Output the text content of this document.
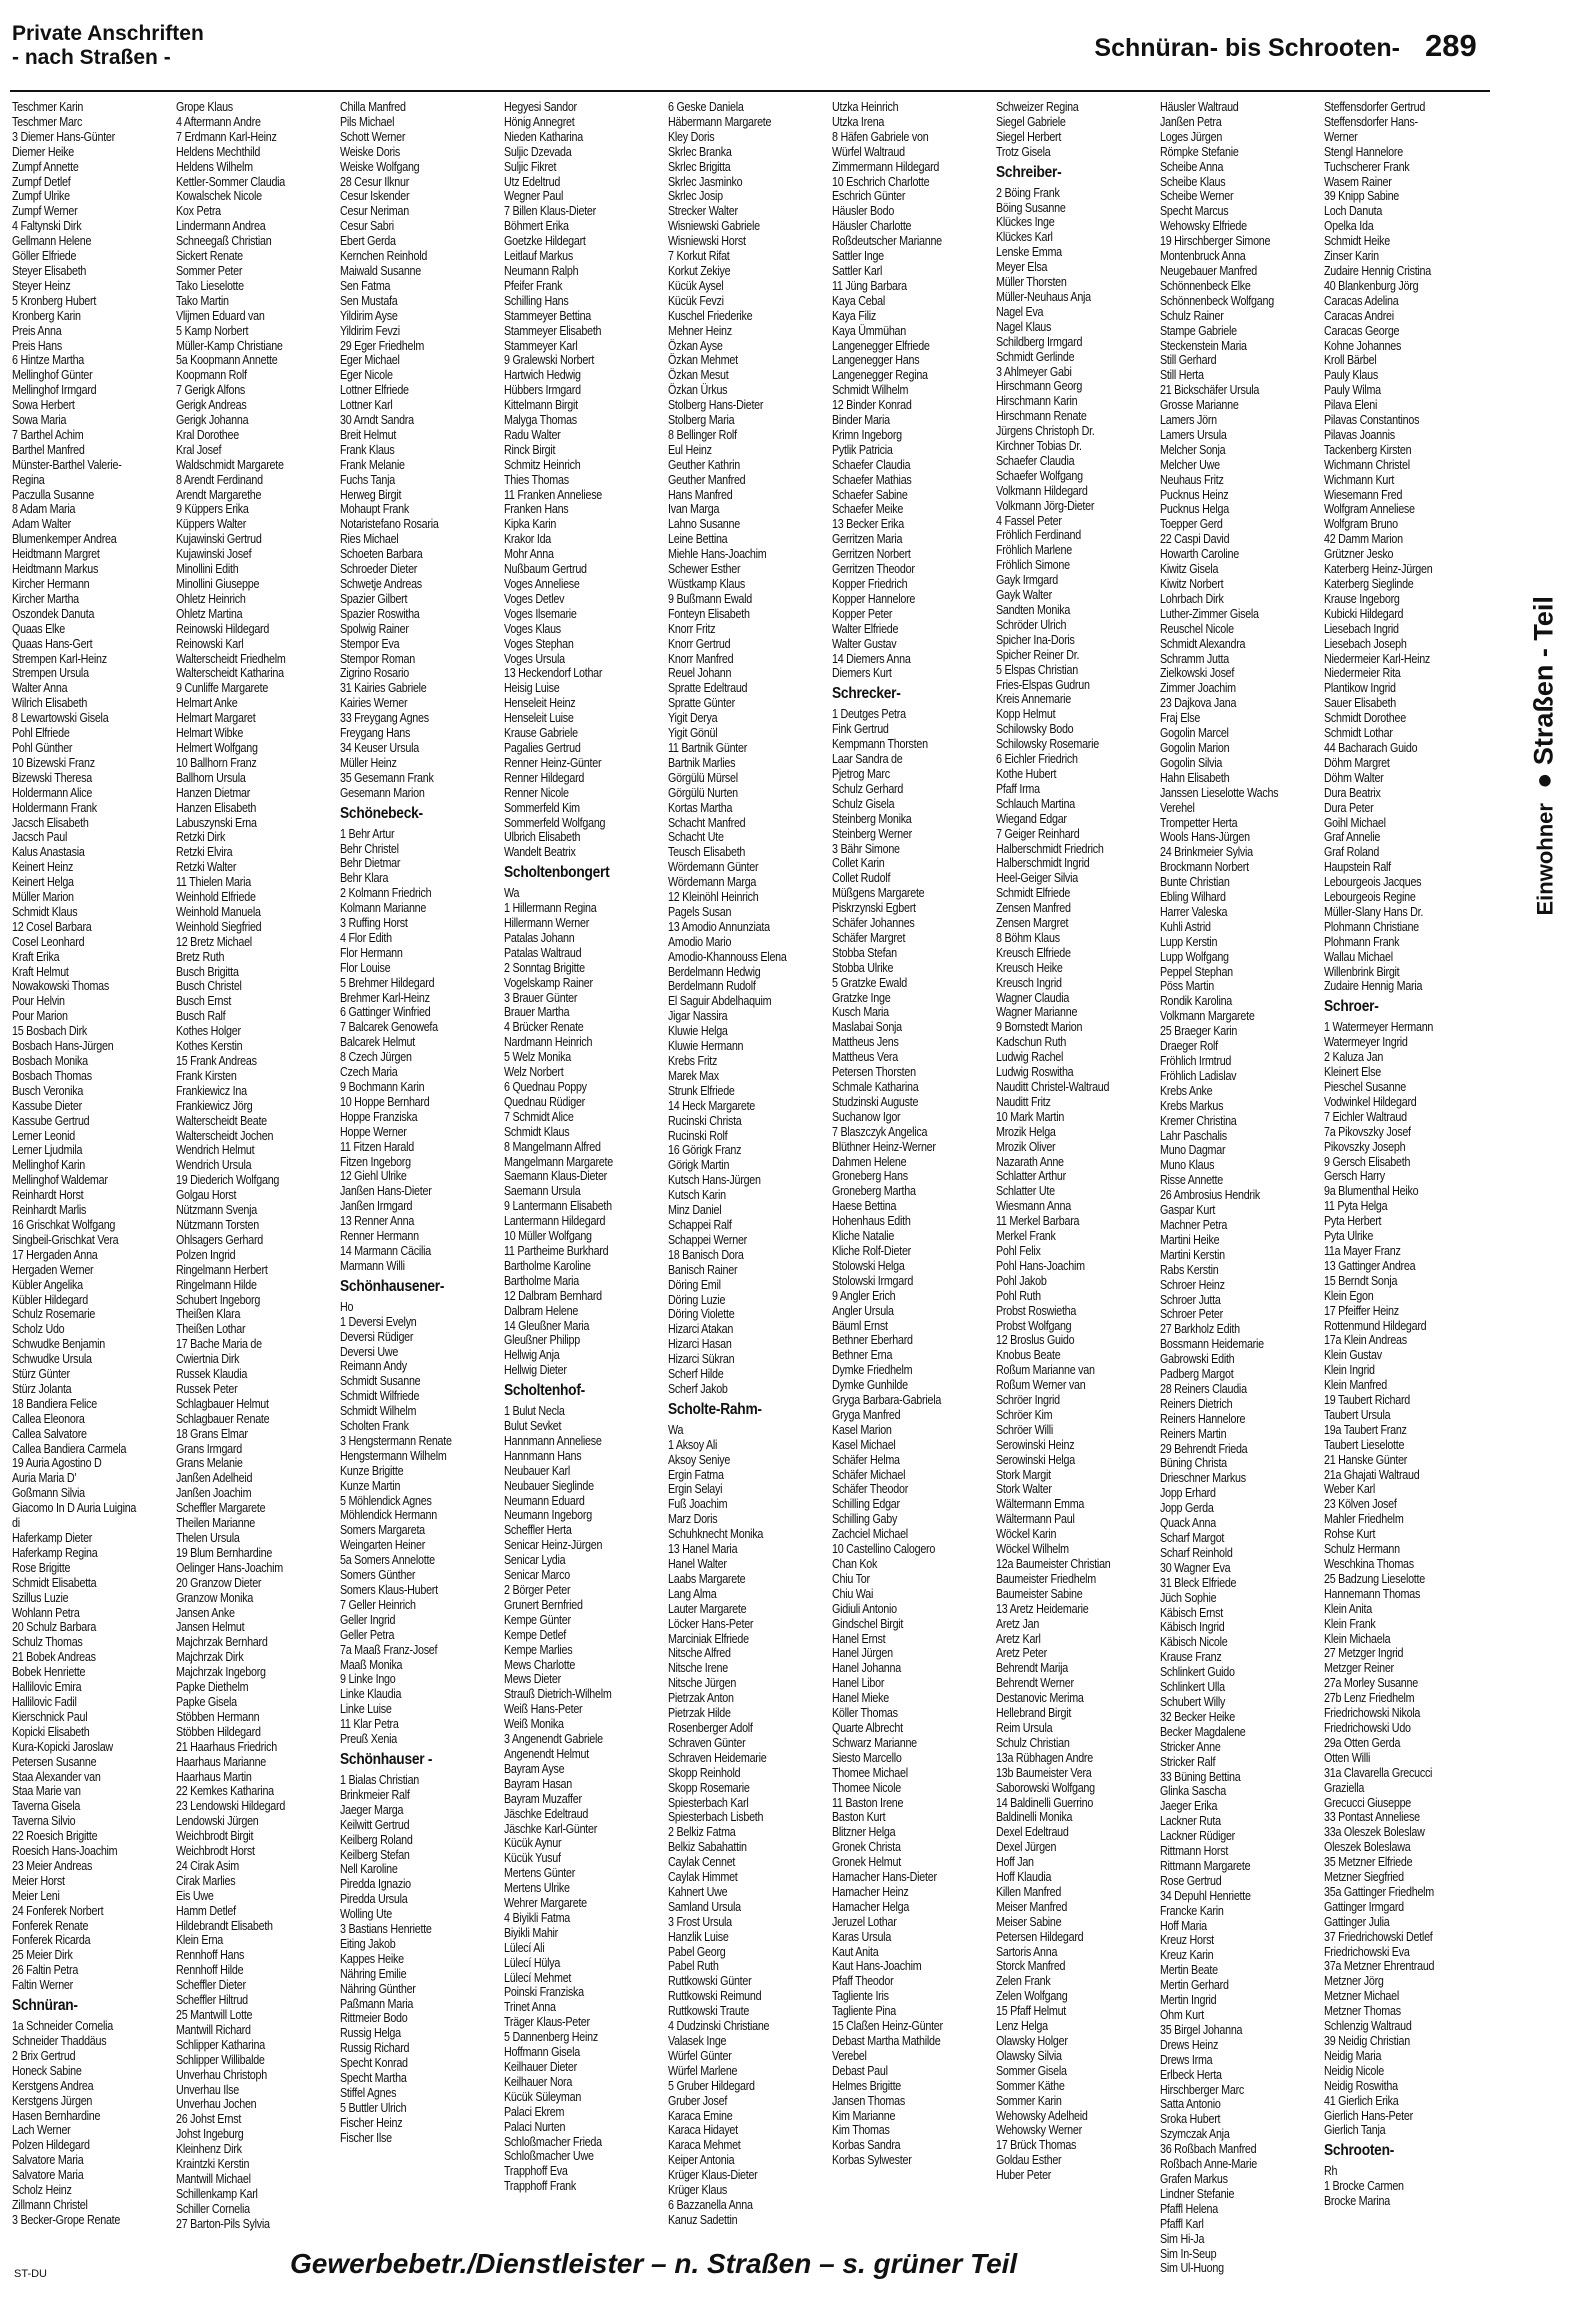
Private Anschriften
- nach Straßen -	Schnüran- bis Schrooten- 289
Einwohner ● Straßen - Teil
Teschmer Karin
Teschmer Marc
3 Diemer Hans-Günter
Diemer Heike
Zumpf Annette
Zumpf Detlef
Zumpf Ulrike
Zumpf Werner
4 Faltynski Dirk
Gellmann Helene
Göller Elfriede
Steyer Elisabeth
Steyer Heinz
5 Kronberg Hubert
Kronberg Karin
Preis Anna
Preis Hans
6 Hintze Martha
Mellinghof Günter
Mellinghof Irmgard
Sowa Herbert
Sowa Maria
7 Barthel Achim
Barthel Manfred
Münster-Barthel Valerie-
Regina
Paczulla Susanne
8 Adam Maria
Adam Walter
Blumenkemper Andrea
Heidtmann Margret
Heidtmann Markus
Kircher Hermann
Kircher Martha
Oszondek Danuta
Quaas Elke
Quaas Hans-Gert
Strempen Karl-Heinz
Strempen Ursula
Walter Anna
Wilrich Elisabeth
8 Lewartowski Gisela
Pohl Elfriede
Pohl Günther
10 Bizewski Franz
Bizewski Theresa
Holdermann Alice
Holdermann Frank
Jacsch Elisabeth
Jacsch Paul
Kalus Anastasia
Keinert Heinz
Keinert Helga
Müller Marion
Schmidt Klaus
12 Cosel Barbara
Cosel Leonhard
Kraft Erika
Kraft Helmut
Nowakowski Thomas
Pour Helvin
Pour Marion
15 Bosbach Dirk
Bosbach Hans-Jürgen
Bosbach Monika
Bosbach Thomas
Busch Veronika
Kassube Dieter
Kassube Gertrud
Lerner Leonid
Lerner Ljudmila
Mellinghof Karin
Mellinghof Waldemar
Reinhardt Horst
Reinhardt Marlis
16 Grischkat Wolfgang
Singbeil-Grischkat Vera
17 Hergaden Anna
Hergaden Werner
Kübler Angelika
Kübler Hildegard
Schulz Rosemarie
Scholz Udo
Schwudke Benjamin
Schwudke Ursula
Stürz Günter
Stürz Jolanta
18 Bandiera Felice
Callea Eleonora
Callea Salvatore
Callea Bandiera Carmela
19 Auria Agostino D
Auria Maria D'
Goßmann Silvia
Giacomo In D Auria Luigina
di
Haferkamp Dieter
Haferkamp Regina
Rose Brigitte
Schmidt Elisabetta
Szillus Luzie
Wohlann Petra
20 Schulz Barbara
Schulz Thomas
21 Bobek Andreas
Bobek Henriette
Hallilovic Emira
Hallilovic Fadil
Kierschnick Paul
Kopicki Elisabeth
Kura-Kopicki Jaroslaw
Petersen Susanne
Staa Alexander van
Staa Marie van
Taverna Gisela
Taverna Silvio
22 Roesich Brigitte
Roesich Hans-Joachim
23 Meier Andreas
Meier Horst
Meier Leni
24 Fonferek Norbert
Fonferek Renate
Fonferek Ricarda
25 Meier Dirk
26 Faltin Petra
Faltin Werner
Schnüran-
1a Schneider Cornelia
Schneider Thaddäus
2 Brix Gertrud
Honeck Sabine
Kerstgens Andrea
Kerstgens Jürgen
Hasen Bernhardine
Lach Werner
Polzen Hildegard
Salvatore Maria
Salvatore Maria
Scholz Heinz
Zillmann Christel
3 Becker-Grope Renate
Grope Klaus
4 Aftermann Andre
7 Erdmann Karl-Heinz
Heldens Mechthild
Heldens Wilhelm
Kettler-Sommer Claudia
Kowalschek Nicole
Kox Petra
Lindermann Andrea
Schneegaß Christian
Sickert Renate
Sommer Peter
Tako Lieselotte
Tako Martin
Vlijmen Eduard van
5 Kamp Norbert
Müller-Kamp Christiane
5a Koopmann Annette
Koopmann Rolf
7 Gerigk Alfons
Gerigk Andreas
Gerigk Johanna
Kral Dorothee
Kral Josef
Waldschmidt Margarete
8 Arendt Ferdinand
Arendt Margarethe
9 Küppers Erika
Küppers Walter
Kujawinski Gertrud
Kujawinski Josef
Minollini Edith
Minollini Giuseppe
Ohletz Heinrich
Ohletz Martina
Reinowski Hildegard
Reinowski Karl
Walterscheidt Friedhelm
Walterscheidt Katharina
9 Cunliffe Margarete
Helmart Anke
Helmart Margaret
Helmart Wibke
Helmert Wolfgang
10 Ballhorn Franz
Ballhorn Ursula
Hanzen Dietmar
Hanzen Elisabeth
Labuszynski Erna
Retzki Dirk
Retzki Elvira
Retzki Walter
11 Thielen Maria
Weinhold Elfriede
Weinhold Manuela
Weinhold Siegfried
12 Bretz Michael
Bretz Ruth
Busch Brigitta
Busch Christel
Busch Ernst
Busch Ralf
Kothes Holger
Kothes Kerstin
15 Frank Andreas
Frank Kirsten
Frankiewicz Ina
Frankiewicz Jörg
Walterscheidt Beate
Walterscheidt Jochen
Wendrich Helmut
Wendrich Ursula
19 Diederich Wolfgang
Golgau Horst
Nützmann Svenja
Nützmann Torsten
Ohlsagers Gerhard
Polzen Ingrid
Ringelmann Herbert
Ringelmann Hilde
Schubert Ingeborg
Theißen Klara
Theißen Lothar
17 Bache Maria de
Cwiertnia Dirk
Russek Klaudia
Russek Peter
Schlagbauer Helmut
Schlagbauer Renate
18 Grans Elmar
Grans Irmgard
Grans Melanie
Janßen Adelheid
Janßen Joachim
Scheffler Margarete
Theilen Marianne
Thelen Ursula
19 Blum Bernhardine
Oelinger Hans-Joachim
20 Granzow Dieter
Granzow Monika
Jansen Anke
Jansen Helmut
Majchrzak Bernhard
Majchrzak Dirk
Majchrzak Ingeborg
Papke Diethelm
Papke Gisela
Stöbben Hermann
Stöbben Hildegard
21 Haarhaus Friedrich
Haarhaus Marianne
Haarhaus Martin
22 Kemkes Katharina
23 Lendowski Hildegard
Lendowski Jürgen
Weichbrodt Birgit
Weichbrodt Horst
24 Cirak Asim
Cirak Marlies
Eis Uwe
Hamm Detlef
Hildebrandt Elisabeth
Klein Erna
Rennhoff Hans
Rennhoff Hilde
Scheffler Dieter
Scheffler Hiltrud
25 Mantwill Lotte
Mantwill Richard
Schlipper Katharina
Schlipper Willibalde
Unverhau Christoph
Unverhau Ilse
Unverhau Jochen
26 Johst Ernst
Johst Ingeburg
Kleinhenz Dirk
Kraintzki Kerstin
Mantwill Michael
Schillenkamp Karl
Schiller Cornelia
27 Barton-Pils Sylvia
Chilla Manfred
Pils Michael
Schott Werner
Weiske Doris
Weiske Wolfgang
28 Cesur Ilknur
Cesur Iskender
Cesur Neriman
Cesur Sabri
Ebert Gerda
Kernchen Reinhold
Maiwald Susanne
Sen Fatma
Sen Mustafa
Yildirim Ayse
Yildirim Fevzi
29 Eger Friedhelm
Eger Michael
Eger Nicole
Lottner Elfriede
Lottner Karl
30 Arndt Sandra
Breit Helmut
Frank Klaus
Frank Melanie
Fuchs Tanja
Herweg Birgit
Mohaupt Frank
Notaristefano Rosaria
Ries Michael
Schoeten Barbara
Schroeder Dieter
Schwetje Andreas
Spazier Gilbert
Spazier Roswitha
Spolwig Rainer
Stempor Eva
Stempor Roman
Zigrino Rosario
31 Kairies Gabriele
Kairies Werner
33 Freygang Agnes
Freygang Hans
34 Keuser Ursula
Müller Heinz
35 Gesemann Frank
Gesemann Marion
Schönebeck-
1 Behr Artur
Behr Christel
Behr Dietmar
Behr Klara
2 Kolmann Friedrich
Kolmann Marianne
3 Ruffing Horst
4 Flor Edith
Flor Hermann
Flor Louise
5 Brehmer Hildegard
Brehmer Karl-Heinz
6 Gattinger Winfried
7 Balcarek Genowefa
Balcarek Helmut
8 Czech Jürgen
Czech Maria
9 Bochmann Karin
10 Hoppe Bernhard
Hoppe Franziska
Hoppe Werner
11 Fitzen Harald
Fitzen Ingeborg
12 Giehl Ulrike
Janßen Hans-Dieter
Janßen Irmgard
13 Renner Anna
Renner Hermann
14 Marmann Cäcilia
Marmann Willi
Schönhausener-
Ho
1 Deversi Evelyn
Deversi Rüdiger
Deversi Uwe
Reimann Andy
Schmidt Susanne
Schmidt Wilfriede
Schmidt Wilhelm
Scholten Frank
3 Hengstermann Renate
Hengstermann Wilhelm
Kunze Brigitte
Kunze Martin
5 Möhlendick Agnes
Möhlendick Hermann
Somers Margareta
Weingarten Heiner
5a Somers Annelotte
Somers Günther
Somers Klaus-Hubert
7 Geller Heinrich
Geller Ingrid
Geller Petra
7a Maaß Franz-Josef
Maaß Monika
9 Linke Ingo
Linke Klaudia
Linke Luise
11 Klar Petra
Preuß Xenia
Schönhauser -
1 Bialas Christian
Brinkmeier Ralf
Jaeger Marga
Keilwitt Gertrud
Keilberg Roland
Keilberg Stefan
Nell Karoline
Piredda Ignazio
Piredda Ursula
Wolling Ute
3 Bastians Henriette
Eiting Jakob
Kappes Heike
Nähring Emilie
Nähring Günther
Paßmann Maria
Rittmeier Bodo
Russig Helga
Russig Richard
Specht Konrad
Specht Martha
Stiffel Agnes
5 Buttler Ulrich
Fischer Heinz
Fischer Ilse
Hegyesi Sandor
Hönig Annegret
Nieden Katharina
Suljic Dzevada
Suljic Fikret
Utz Edeltrud
Wegner Paul
7 Billen Klaus-Dieter
Böhmert Erika
Goetzke Hildegart
Leitlauf Markus
Neumann Ralph
Pfeifer Frank
Schilling Hans
Stammeyer Bettina
Stammeyer Elisabeth
Stammeyer Karl
9 Gralewski Norbert
Hartwich Hedwig
Hübbers Irmgard
Kittelmann Birgit
Malyga Thomas
Radu Walter
Rinck Birgit
Schmitz Heinrich
Thies Thomas
11 Franken Anneliese
Franken Hans
Kipka Karin
Krakor Ida
Mohr Anna
Nußbaum Gertrud
Voges Anneliese
Voges Detlev
Voges Ilsemarie
Voges Klaus
Voges Stephan
Voges Ursula
13 Heckendorf Lothar
Heisig Luise
Henseleit Heinz
Henseleit Luise
Krause Gabriele
Pagalies Gertrud
Renner Heinz-Günter
Renner Hildegard
Renner Nicole
Sommerfeld Kim
Sommerfeld Wolfgang
Ulbrich Elisabeth
Wandelt Beatrix
Scholtenbongert
Wa
1 Hillermann Regina
Hillermann Werner
Patalas Johann
Patalas Waltraud
2 Sonntag Brigitte
Vogelskamp Rainer
3 Brauer Günter
Brauer Martha
4 Brücker Renate
Nardmann Heinrich
5 Welz Monika
Welz Norbert
6 Quednau Poppy
Quednau Rüdiger
7 Schmidt Alice
Schmidt Klaus
8 Mangelmann Alfred
Mangelmann Margarete
Saemann Klaus-Dieter
Saemann Ursula
9 Lantermann Elisabeth
Lantermann Hildegard
10 Müller Wolfgang
11 Partheime Burkhard
Bartholme Karoline
Bartholme Maria
12 Dalbram Bernhard
Dalbram Helene
14 Gleußner Maria
Gleußner Philipp
Hellwig Anja
Hellwig Dieter
Scholtenhof-
1 Bulut Necla
Bulut Sevket
Hannmann Anneliese
Hannmann Hans
Neubauer Karl
Neubauer Sieglinde
Neumann Eduard
Neumann Ingeborg
Scheffler Herta
Senicar Heinz-Jürgen
Senicar Lydia
Senicar Marco
2 Börger Peter
Grunert Bernfried
Kempe Günter
Kempe Detlef
Kempe Marlies
Mews Charlotte
Mews Dieter
Strauß Dietrich-Wilhelm
Weiß Hans-Peter
Weiß Monika
3 Angenendt Gabriele
Angenendt Helmut
Bayram Ayse
Bayram Hasan
Bayram Muzaffer
Jäschke Edeltraud
Jäschke Karl-Günter
Kücük Aynur
Kücük Yusuf
Mertens Günter
Mertens Ulrike
Wehrer Margarete
4 Biyikli Fatma
Biyikli Mahir
Lülecí Ali
Lülecí Hülya
Lülecí Mehmet
Poinski Franziska
Trinet Anna
Träger Klaus-Peter
5 Dannenberg Heinz
Hoffmann Gisela
Keilhauer Dieter
Keilhauer Nora
Kücük Süleyman
Palaci Ekrem
Palaci Nurten
Schloßmacher Frieda
Schloßmacher Uwe
Trapphoff Eva
Trapphoff Frank
6 Geske Daniela
Häbermann Margarete
Kley Doris
Skrlec Branka
Skrlec Brigitta
Skrlec Jasminko
Skrlec Josip
Strecker Walter
Wisniewski Gabriele
Wisniewski Horst
7 Korkut Rifat
Korkut Zekiye
Kücük Aysel
Kücük Fevzi
Kuschel Friederike
Mehner Heinz
Özkan Ayse
Özkan Mehmet
Özkan Mesut
Özkan Ürkus
Stolberg Hans-Dieter
Stolberg Maria
8 Bellinger Rolf
Eul Heinz
Geuther Kathrin
Geuther Manfred
Hans Manfred
Ivan Marga
Lahno Susanne
Leine Bettina
Miehle Hans-Joachim
Schewer Esther
Wüstkamp Klaus
9 Bußmann Ewald
Fonteyn Elisabeth
Knorr Fritz
Knorr Gertrud
Knorr Manfred
Reuel Johann
Spratte Edeltraud
Spratte Günter
Yigit Derya
Yigit Gönül
11 Bartnik Günter
Bartnik Marlies
Görgülü Mürsel
Görgülü Nurten
Kortas Martha
Schacht Manfred
Schacht Ute
Teusch Elisabeth
Wördemann Günter
Wördemann Marga
12 Kleinöhl Heinrich
Pagels Susan
13 Amodio Annunziata
Amodio Mario
Amodio-Khannouss Elena
Berdelmann Hedwig
Berdelmann Rudolf
El Saguir Abdelhaquim
Jigar Nassira
Kluwie Helga
Kluwie Hermann
Krebs Fritz
Marek Max
Strunk Elfriede
14 Heck Margarete
Rucinski Christa
Rucinski Rolf
16 Görigk Franz
Görigk Martin
Kutsch Hans-Jürgen
Kutsch Karin
Minz Daniel
Schappei Ralf
Schappei Werner
18 Banisch Dora
Banisch Rainer
Döring Emil
Döring Luzie
Döring Violette
Hizarci Atakan
Hizarci Hasan
Hizarci Sükran
Scherf Hilde
Scherf Jakob
Scholte-Rahm-
Wa
1 Aksoy Ali
Aksoy Seniye
Ergin Fatma
Ergin Selayi
Fuß Joachim
Marz Doris
Schuhknecht Monika
13 Hanel Maria
Hanel Walter
Laabs Margarete
Lang Alma
Lauter Margarete
Löcker Hans-Peter
Marciniak Elfriede
Nitsche Alfred
Nitsche Irene
Nitsche Jürgen
Pietrzak Anton
Pietrzak Hilde
Rosenberger Adolf
Schraven Günter
Schraven Heidemarie
Skopp Reinhold
Skopp Rosemarie
Spiesterbach Karl
Spiesterbach Lisbeth
2 Belkiz Fatma
Belkiz Sabahattin
Caylak Cennet
Caylak Himmet
Kahnert Uwe
Samland Ursula
3 Frost Ursula
Hanzlik Luise
Pabel Georg
Pabel Ruth
Ruttkowski Günter
Ruttkowski Reimund
Ruttkowski Traute
4 Dudzinski Christiane
Valasek Inge
Würfel Günter
Würfel Marlene
5 Gruber Hildegard
Gruber Josef
Karaca Emine
Karaca Hidayet
Karaca Mehmet
Keiper Antonia
Krüger Klaus-Dieter
Krüger Klaus
6 Bazzanella Anna
Kanuz Sadettin
Utzka Heinrich
Utzka Irena
8 Häfen Gabriele von
Würfel Waltraud
Zimmermann Hildegard
10 Eschrich Charlotte
Eschrich Günter
Häusler Bodo
Häusler Charlotte
Roßdeutscher Marianne
Sattler Inge
Sattler Karl
11 Jüng Barbara
Kaya Cebal
Kaya Filiz
Kaya Ümmühan
Langenegger Elfriede
Langenegger Hans
Langenegger Regina
Schmidt Wilhelm
12 Binder Konrad
Binder Maria
Krimn Ingeborg
Pytlik Patricia
Schaefer Claudia
Schaefer Mathias
Schaefer Sabine
Schaefer Meike
13 Becker Erika
Gerritzen Maria
Gerritzen Norbert
Gerritzen Theodor
Kopper Friedrich
Kopper Hannelore
Kopper Peter
Walter Elfriede
Walter Gustav
14 Diemers Anna
Diemers Kurt
Schrecker-
1 Deutges Petra
Fink Gertrud
Kempmann Thorsten
Laar Sandra de
Pjetrog Marc
Schulz Gerhard
Schulz Gisela
Steinberg Monika
Steinberg Werner
3 Bähr Simone
Collet Karin
Collet Rudolf
Müßgens Margarete
Piskrzynski Egbert
Schäfer Johannes
Schäfer Margret
Stobba Stefan
Stobba Ulrike
5 Gratzke Ewald
Gratzke Inge
Kusch Maria
Maslabai Sonja
Mattheus Jens
Mattheus Vera
Petersen Thorsten
Schmale Katharina
Studzinski Auguste
Suchanow Igor
7 Blaszczyk Angelica
Blüthner Heinz-Werner
Dahmen Helene
Groneberg Hans
Groneberg Martha
Haese Bettina
Hohenhaus Edith
Kliche Natalie
Kliche Rolf-Dieter
Stolowski Helga
Stolowski Irmgard
9 Angler Erich
Angler Ursula
Bäuml Ernst
Bethner Eberhard
Bethner Erna
Dymke Friedhelm
Dymke Gunhilde
Gryga Barbara-Gabriela
Gryga Manfred
Kasel Marion
Kasel Michael
Schäfer Helma
Schäfer Michael
Schäfer Theodor
Schilling Edgar
Schilling Gaby
Zachciel Michael
10 Castellino Calogero
Chan Kok
Chiu Tor
Chiu Wai
Gidiuli Antonio
Gindschel Birgit
Hanel Ernst
Hanel Jürgen
Hanel Johanna
Hanel Libor
Hanel Mieke
Köller Thomas
Quarte Albrecht
Schwarz Marianne
Siesto Marcello
Thomee Michael
Thomee Nicole
11 Baston Irene
Baston Kurt
Blitzner Helga
Gronek Christa
Gronek Helmut
Hamacher Hans-Dieter
Hamacher Heinz
Hamacher Helga
Jeruzel Lothar
Karas Ursula
Kaut Anita
Kaut Hans-Joachim
Pfaff Theodor
Tagliente Iris
Tagliente Pina
15 Claßen Heinz-Günter
Debast Martha Mathilde
Verebel
Debast Paul
Helmes Brigitte
Jansen Thomas
Kim Marianne
Kim Thomas
Korbas Sandra
Korbas Sylwester
Schweizer Regina
Siegel Gabriele
Siegel Herbert
Trotz Gisela
Schreiber-
2 Böing Frank
Böing Susanne
Klückes Inge
Klückes Karl
Lenske Emma
Meyer Elsa
Müller Thorsten
Müller-Neuhaus Anja
Nagel Eva
Nagel Klaus
Schildberg Irmgard
Schmidt Gerlinde
3 Ahlmeyer Gabi
Hirschmann Georg
Hirschmann Karin
Hirschmann Renate
Jürgens Christoph Dr.
Kirchner Tobias Dr.
Schaefer Claudia
Schaefer Wolfgang
Volkmann Hildegard
Volkmann Jörg-Dieter
4 Fassel Peter
Fröhlich Ferdinand
Fröhlich Marlene
Fröhlich Simone
Gayk Irmgard
Gayk Walter
Sandten Monika
Schröder Ulrich
Spicher Ina-Doris
Spicher Reiner Dr.
5 Elspas Christian
Fries-Elspas Gudrun
Kreis Annemarie
Kopp Helmut
Schilowsky Bodo
Schilowsky Rosemarie
6 Eichler Friedrich
Kothe Hubert
Pfaff Irma
Schlauch Martina
Wiegand Edgar
7 Geiger Reinhard
Halberschmidt Friedrich
Halberschmidt Ingrid
Heel-Geiger Silvia
Schmidt Elfriede
Zensen Manfred
Zensen Margret
8 Böhm Klaus
Kreusch Elfriede
Kreusch Heike
Kreusch Ingrid
Wagner Claudia
Wagner Marianne
9 Bornstedt Marion
Kadschun Ruth
Ludwig Rachel
Ludwig Roswitha
Nauditt Christel-Waltraud
Nauditt Fritz
10 Mark Martin
Mrozik Helga
Mrozik Oliver
Nazarath Anne
Schlatter Arthur
Schlatter Ute
Wiesmann Anna
11 Merkel Barbara
Merkel Frank
Pohl Felix
Pohl Hans-Joachim
Pohl Jakob
Pohl Ruth
Probst Roswietha
Probst Wolfgang
12 Broslus Guido
Knobus Beate
Roßum Marianne van
Roßum Werner van
Schröer Ingrid
Schröer Kim
Schröer Willi
Serowinski Heinz
Serowinski Helga
Stork Margit
Stork Walter
Wältermann Emma
Wältermann Paul
Wöckel Karin
Wöckel Wilhelm
12a Baumeister Christian
Baumeister Friedhelm
Baumeister Sabine
13 Aretz Heidemarie
Aretz Jan
Aretz Karl
Aretz Peter
Behrendt Marija
Behrendt Werner
Destanovic Merima
Hellebrand Birgit
Reim Ursula
Schulz Christian
13a Rübhagen Andre
13b Baumeister Vera
Saborowski Wolfgang
14 Baldinelli Guerrino
Baldinelli Monika
Dexel Edeltraud
Dexel Jürgen
Hoff Jan
Hoff Klaudia
Killen Manfred
Meiser Manfred
Meiser Sabine
Petersen Hildegard
Sartoris Anna
Storck Manfred
Zelen Frank
Zelen Wolfgang
15 Pfaff Helmut
Lenz Helga
Olawsky Holger
Olawsky Silvia
Sommer Gisela
Sommer Käthe
Sommer Karin
Wehowsky Adelheid
Wehowsky Werner
17 Brück Thomas
Goldau Esther
Huber Peter
Häusler Waltraud
Janßen Petra
Loges Jürgen
Römpke Stefanie
Scheibe Anna
Scheibe Klaus
Scheibe Werner
Specht Marcus
Wehowsky Elfriede
19 Hirschberger Simone
Montenbruck Anna
Neugebauer Manfred
Schönnenbeck Elke
Schönnenbeck Wolfgang
Schulz Rainer
Stampe Gabriele
Steckenstein Maria
Still Gerhard
Still Herta
21 Bickschäfer Ursula
Grosse Marianne
Lamers Jörn
Lamers Ursula
Melcher Sonja
Melcher Uwe
Neuhaus Fritz
Pucknus Heinz
Pucknus Helga
Toepper Gerd
22 Caspi David
Howarth Caroline
Kiwitz Gisela
Kiwitz Norbert
Lohrbach Dirk
Luther-Zimmer Gisela
Reuschel Nicole
Schmidt Alexandra
Schramm Jutta
Zielkowski Josef
Zimmer Joachim
23 Dajkova Jana
Fraj Else
Gogolin Marcel
Gogolin Marion
Gogolin Silvia
Hahn Elisabeth
Janssen Lieselotte Wachs
Verehel
Trompetter Herta
Wools Hans-Jürgen
24 Brinkmeier Sylvia
Brockmann Norbert
Bunte Christian
Ebling Wilhard
Harrer Valeska
Kuhli Astrid
Lupp Kerstin
Lupp Wolfgang
Peppel Stephan
Pöss Martin
Rondik Karolina
Volkmann Margarete
25 Braeger Karin
Draeger Rolf
Fröhlich Irmtrud
Fröhlich Ladislav
Krebs Anke
Krebs Markus
Kremer Christina
Lahr Paschalis
Muno Dagmar
Muno Klaus
Risse Annette
26 Ambrosius Hendrik
Gaspar Kurt
Machner Petra
Martini Heike
Martini Kerstin
Rabs Kerstin
Schroer Heinz
Schroer Jutta
Schroer Peter
27 Barkholz Edith
Bossmann Heidemarie
Gabrowski Edith
Padberg Margot
28 Reiners Claudia
Reiners Dietrich
Reiners Hannelore
Reiners Martin
29 Behrendt Frieda
Büning Christa
Drieschner Markus
Jopp Erhard
Jopp Gerda
Quack Anna
Scharf Margot
Scharf Reinhold
30 Wagner Eva
31 Bleck Elfriede
Jüch Sophie
Käbisch Ernst
Käbisch Ingrid
Käbisch Nicole
Krause Franz
Schlinkert Guido
Schlinkert Ulla
Schubert Willy
32 Becker Heike
Becker Magdalene
Stricker Anne
Stricker Ralf
33 Büning Bettina
Glinka Sascha
Jaeger Erika
Lackner Ruta
Lackner Rüdiger
Rittmann Horst
Rittmann Margarete
Rose Gertrud
34 Depuhl Henriette
Francke Karin
Hoff Maria
Kreuz Horst
Kreuz Karin
Mertin Beate
Mertin Gerhard
Mertin Ingrid
Ohm Kurt
35 Birgel Johanna
Drews Heinz
Drews Irma
Erlbeck Herta
Hirschberger Marc
Satta Antonio
Sroka Hubert
Szymczak Anja
36 Roßbach Manfred
Roßbach Anne-Marie
Grafen Markus
Lindner Stefanie
Pfaffl Helena
Pfaffl Karl
Sim Hi-Ja
Sim In-Seup
Sim Ul-Huong
Steffensdorfer Gertrud
Steffensdorfer Hans-
Werner
Stengl Hannelore
Tuchscherer Frank
Wasem Rainer
39 Knipp Sabine
Loch Danuta
Opelka Ida
Schmidt Heike
Zinser Karin
Zudaire Hennig Cristina
40 Blankenburg Jörg
Caracas Adelina
Caracas Andrei
Caracas George
Kohne Johannes
Kroll Bärbel
Pauly Klaus
Pauly Wilma
Pilava Eleni
Pilavas Constantinos
Pilavas Joannis
Tackenberg Kirsten
Wichmann Christel
Wichmann Kurt
Wiesemann Fred
Wolfgram Anneliese
Wolfgram Bruno
42 Damm Marion
Grützner Jesko
Katerberg Heinz-Jürgen
Katerberg Sieglinde
Krause Ingeborg
Kubicki Hildegard
Liesebach Ingrid
Liesebach Joseph
Niedermeier Karl-Heinz
Niedermeier Rita
Plantikow Ingrid
Sauer Elisabeth
Schmidt Dorothee
Schmidt Lothar
44 Bacharach Guido
Döhm Margret
Döhm Walter
Dura Beatrix
Dura Peter
Goihl Michael
Graf Annelie
Graf Roland
Haupstein Ralf
Lebourgeois Jacques
Lebourgeois Regine
Müller-Slany Hans Dr.
Plohmann Christiane
Plohmann Frank
Wallau Michael
Willenbrink Birgit
Zudaire Hennig Maria
Schroer-
1 Watermeyer Hermann
Watermeyer Ingrid
2 Kaluza Jan
Kleinert Else
Pieschel Susanne
Vodwinkel Hildegard
7 Eichler Waltraud
7a Pikovszky Josef
Pikovszky Joseph
9 Gersch Elisabeth
Gersch Harry
9a Blumenthal Heiko
11 Pyta Helga
Pyta Herbert
Pyta Ulrike
11a Mayer Franz
13 Gattinger Andrea
15 Berndt Sonja
Klein Egon
17 Pfeiffer Heinz
Rottenmund Hildegard
17a Klein Andreas
Klein Gustav
Klein Ingrid
Klein Manfred
19 Taubert Richard
Taubert Ursula
19a Taubert Franz
Taubert Lieselotte
21 Hanske Günter
21a Ghajati Waltraud
Weber Karl
23 Kölven Josef
Mahler Friedhelm
Rohse Kurt
Schulz Hermann
Weschkina Thomas
25 Badzung Lieselotte
Hannemann Thomas
Klein Anita
Klein Frank
Klein Michaela
27 Metzger Ingrid
Metzger Reiner
27a Morley Susanne
27b Lenz Friedhelm
Friedrichowski Nikola
Friedrichowski Udo
29a Otten Gerda
Otten Willi
31a Clavarella Grecucci
Graziella
Grecucci Giuseppe
33 Pontast Anneliese
33a Oleszek Boleslaw
Oleszek Boleslawa
35 Metzner Elfriede
Metzner Siegfried
35a Gattinger Friedhelm
Gattinger Irmgard
Gattinger Julia
37 Friedrichowski Detlef
Friedrichowski Eva
37a Metzner Ehrentraud
Metzner Jörg
Metzner Michael
Metzner Thomas
Schlenzig Waltraud
39 Neidig Christian
Neidig Maria
Neidig Nicole
Neidig Roswitha
41 Gierlich Erika
Gierlich Hans-Peter
Gierlich Tanja
Schrooten-
Rh
1 Brocke Carmen
Brocke Marina
ST-DU	Gewerbebetr./Dienstleister – n. Straßen – s. grüner Teil
